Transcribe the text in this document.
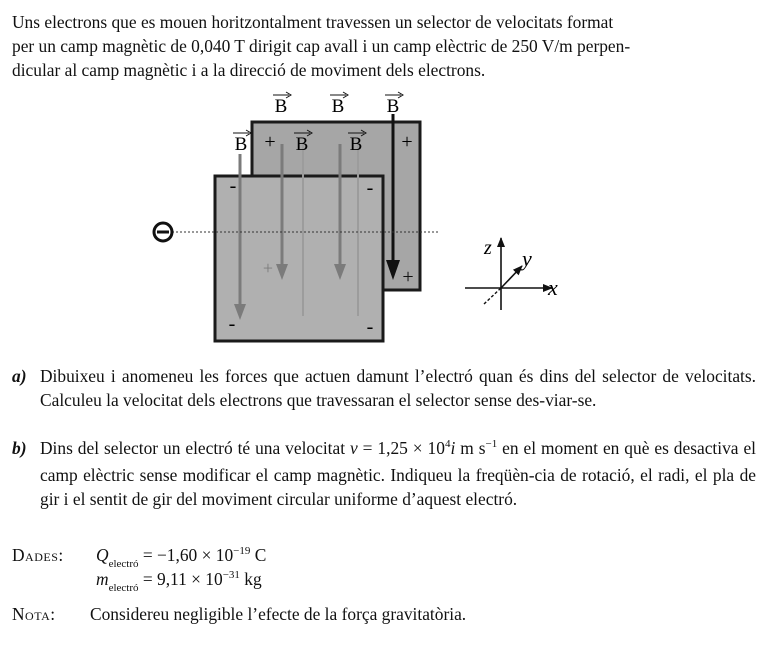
Uns electrons que es mouen horitzontalment travessen un selector de velocitats format
per un camp magnètic de 0,040 T dirigit cap avall i un camp elèctric de 250 V/m perpen-
dicular al camp magnètic i a la direcció de moviment dels electrons.
B B B
B	B B
+	+
+
+
-	-
-	-
z y
x
a) Dibuixeu i anomeneu les forces que actuen damunt l’electró quan és dins del selector de velocitats. Calculeu la velocitat dels electrons que travessaran el selector sense des-viar-se.
b) Dins del selector un electró té una velocitat $v = 1,25 \times 10^4i$ m $s^{-1}$ en el moment en què es desactiva el camp elèctric sense modificar el camp magnètic. Indiqueu la freqüèn-cia de rotació, el radi, el pla de gir i el sentit de gir del moviment circular uniforme d’aquest electró.
Dades: $Q_{electró} = -1,60 \times 10^{-19}$ C
$m_{electró} = 9,11 \times 10^{-31}$ kg
Nota: Considereu negligible l’efecte de la força gravitatòria.
